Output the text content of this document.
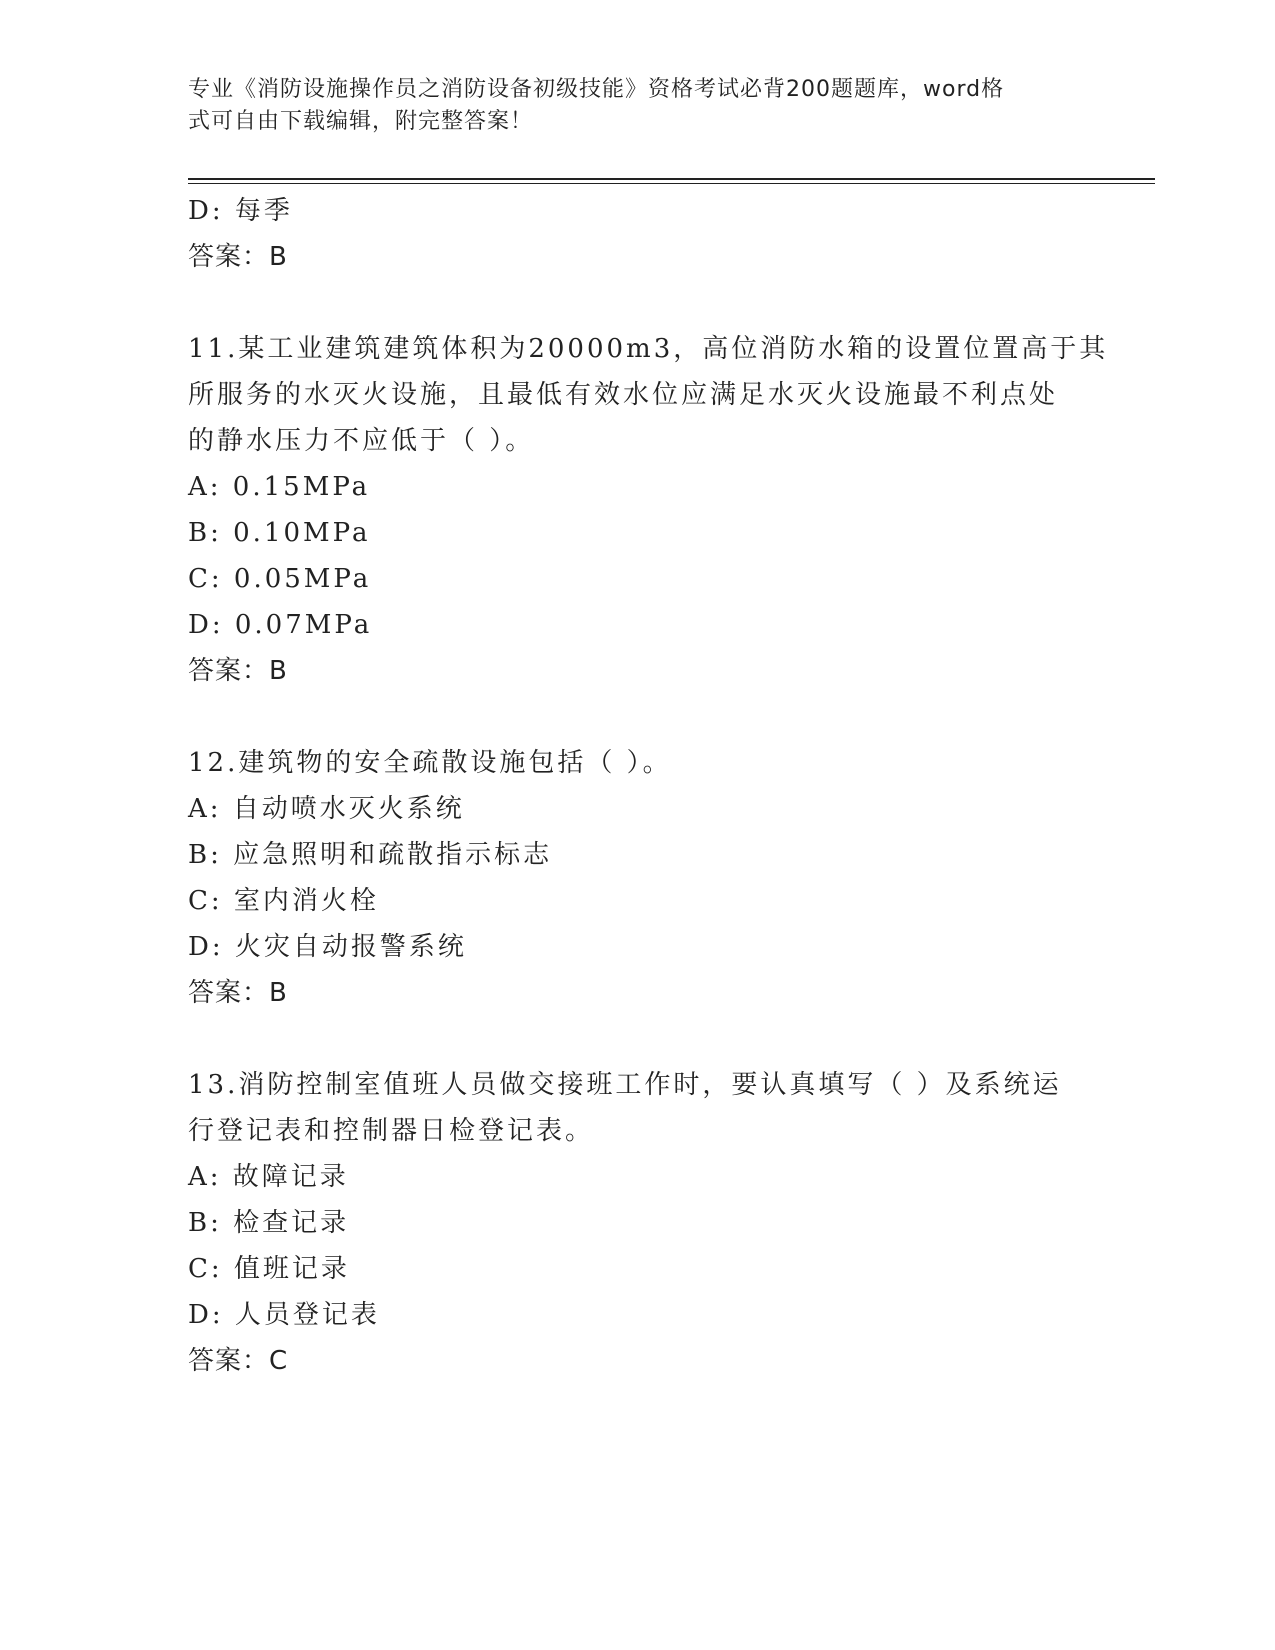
专业《消防设施操作员之消防设备初级技能》资格考试必背200题题库，word格
式可自由下载编辑，附完整答案！
D: 每季
答案：B
11.某工业建筑建筑体积为20000m3，高位消防水箱的设置位置高于其
所服务的水灭火设施，且最低有效水位应满足水灭火设施最不利点处
的静水压力不应低于（ ）。
A: 0.15MPa
B: 0.10MPa
C: 0.05MPa
D: 0.07MPa
答案：B
12.建筑物的安全疏散设施包括（ ）。
A: 自动喷水灭火系统
B: 应急照明和疏散指示标志
C: 室内消火栓
D: 火灾自动报警系统
答案：B
13.消防控制室值班人员做交接班工作时，要认真填写（ ）及系统运
行登记表和控制器日检登记表。
A: 故障记录
B: 检查记录
C: 值班记录
D: 人员登记表
答案：C
